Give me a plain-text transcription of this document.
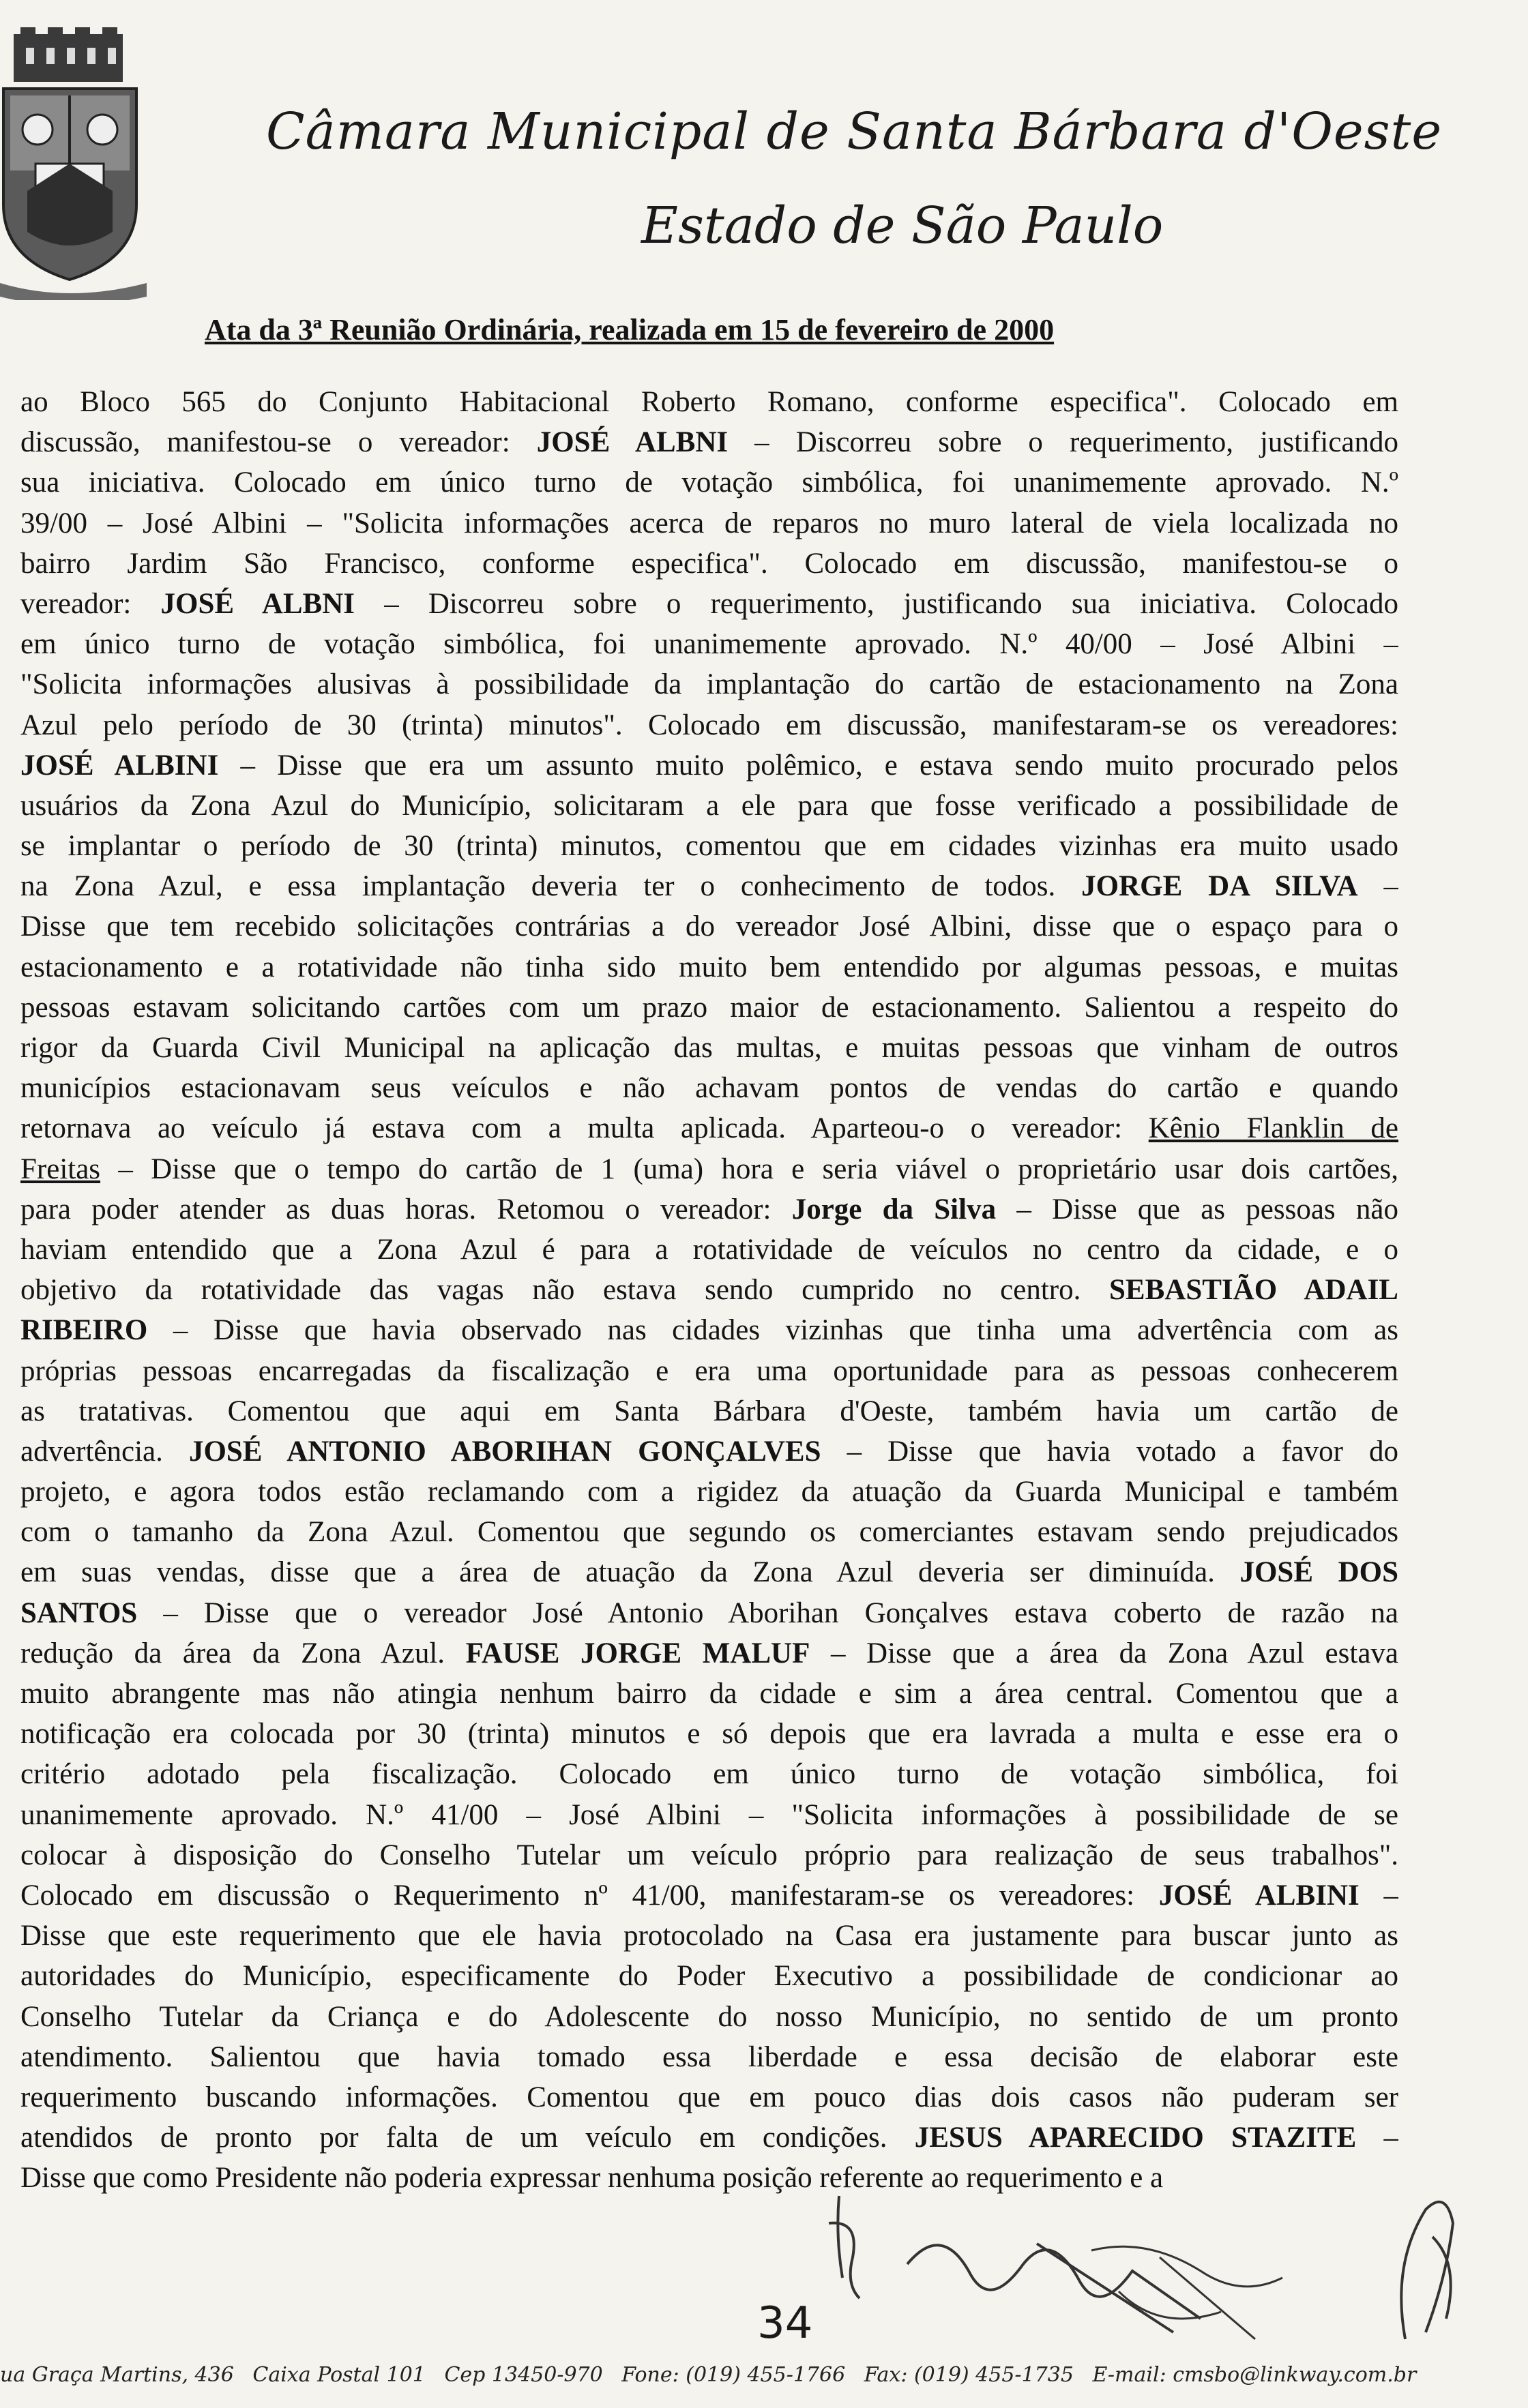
Câmara Municipal de Santa Bárbara d'Oeste
Estado de São Paulo
Ata da 3ª Reunião Ordinária, realizada em 15 de fevereiro de 2000
ao Bloco 565 do Conjunto Habitacional Roberto Romano, conforme especifica". Colocado em
discussão, manifestou-se o vereador: JOSÉ ALBNI – Discorreu sobre o requerimento, justificando
sua iniciativa. Colocado em único turno de votação simbólica, foi unanimemente aprovado. N.º
39/00 – José Albini – "Solicita informações acerca de reparos no muro lateral de viela localizada no
bairro Jardim São Francisco, conforme especifica". Colocado em discussão, manifestou-se o
vereador: JOSÉ ALBNI – Discorreu sobre o requerimento, justificando sua iniciativa. Colocado
em único turno de votação simbólica, foi unanimemente aprovado. N.º 40/00 – José Albini –
"Solicita informações alusivas à possibilidade da implantação do cartão de estacionamento na Zona
Azul pelo período de 30 (trinta) minutos". Colocado em discussão, manifestaram-se os vereadores:
JOSÉ ALBINI – Disse que era um assunto muito polêmico, e estava sendo muito procurado pelos
usuários da Zona Azul do Município, solicitaram a ele para que fosse verificado a possibilidade de
se implantar o período de 30 (trinta) minutos, comentou que em cidades vizinhas era muito usado
na Zona Azul, e essa implantação deveria ter o conhecimento de todos. JORGE DA SILVA –
Disse que tem recebido solicitações contrárias a do vereador José Albini, disse que o espaço para o
estacionamento e a rotatividade não tinha sido muito bem entendido por algumas pessoas, e muitas
pessoas estavam solicitando cartões com um prazo maior de estacionamento. Salientou a respeito do
rigor da Guarda Civil Municipal na aplicação das multas, e muitas pessoas que vinham de outros
municípios estacionavam seus veículos e não achavam pontos de vendas do cartão e quando
retornava ao veículo já estava com a multa aplicada. Aparteou-o o vereador: Kênio Flanklin de
Freitas – Disse que o tempo do cartão de 1 (uma) hora e seria viável o proprietário usar dois cartões,
para poder atender as duas horas. Retomou o vereador: Jorge da Silva – Disse que as pessoas não
haviam entendido que a Zona Azul é para a rotatividade de veículos no centro da cidade, e o
objetivo da rotatividade das vagas não estava sendo cumprido no centro. SEBASTIÃO ADAIL
RIBEIRO – Disse que havia observado nas cidades vizinhas que tinha uma advertência com as
próprias pessoas encarregadas da fiscalização e era uma oportunidade para as pessoas conhecerem
as tratativas. Comentou que aqui em Santa Bárbara d'Oeste, também havia um cartão de
advertência. JOSÉ ANTONIO ABORIHAN GONÇALVES – Disse que havia votado a favor do
projeto, e agora todos estão reclamando com a rigidez da atuação da Guarda Municipal e também
com o tamanho da Zona Azul. Comentou que segundo os comerciantes estavam sendo prejudicados
em suas vendas, disse que a área de atuação da Zona Azul deveria ser diminuída. JOSÉ DOS
SANTOS – Disse que o vereador José Antonio Aborihan Gonçalves estava coberto de razão na
redução da área da Zona Azul. FAUSE JORGE MALUF – Disse que a área da Zona Azul estava
muito abrangente mas não atingia nenhum bairro da cidade e sim a área central. Comentou que a
notificação era colocada por 30 (trinta) minutos e só depois que era lavrada a multa e esse era o
critério adotado pela fiscalização. Colocado em único turno de votação simbólica, foi
unanimemente aprovado. N.º 41/00 – José Albini – "Solicita informações à possibilidade de se
colocar à disposição do Conselho Tutelar um veículo próprio para realização de seus trabalhos".
Colocado em discussão o Requerimento nº 41/00, manifestaram-se os vereadores: JOSÉ ALBINI –
Disse que este requerimento que ele havia protocolado na Casa era justamente para buscar junto as
autoridades do Município, especificamente do Poder Executivo a possibilidade de condicionar ao
Conselho Tutelar da Criança e do Adolescente do nosso Município, no sentido de um pronto
atendimento. Salientou que havia tomado essa liberdade e essa decisão de elaborar este
requerimento buscando informações. Comentou que em pouco dias dois casos não puderam ser
atendidos de pronto por falta de um veículo em condições. JESUS APARECIDO STAZITE –
Disse que como Presidente não poderia expressar nenhuma posição referente ao requerimento e a
34
ua Graça Martins, 436 Caixa Postal 101 Cep 13450-970 Fone: (019) 455-1766 Fax: (019) 455-1735 E-mail: cmsbo@linkway.com.br
